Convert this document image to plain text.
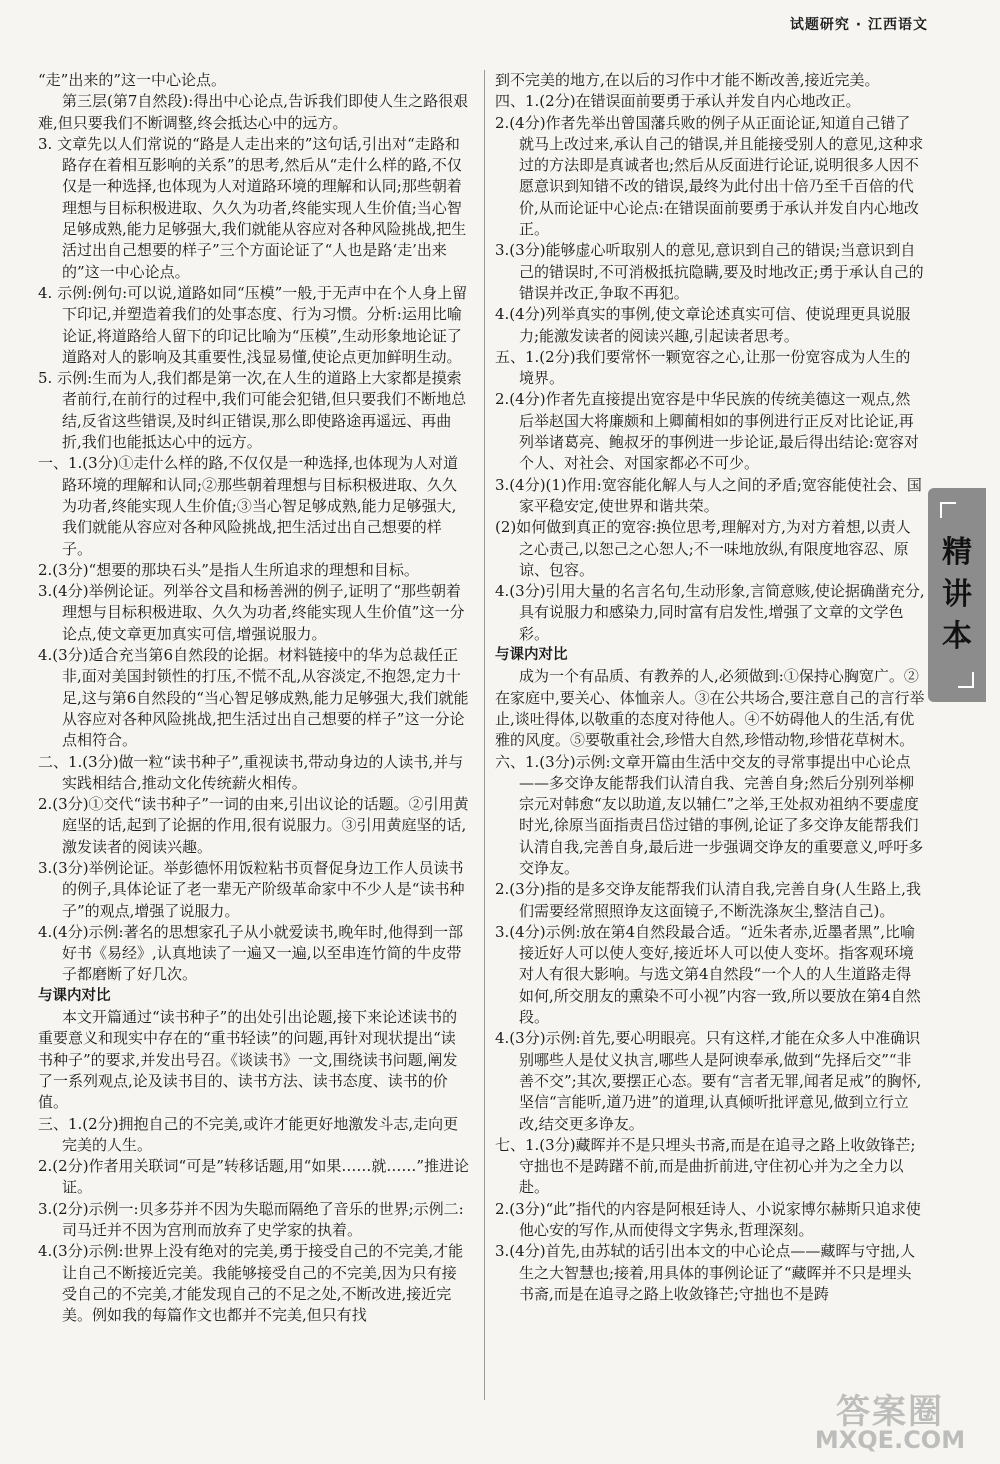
试题研究 · 江西语文

“走”出来的”这一中心论点。

第三层(第7自然段):得出中心论点,告诉我们即使人生之路很艰难,但只要我们不断调整,终会抵达心中的远方。

3. 文章先以人们常说的“路是人走出来的”这句话,引出对“走路和路存在着相互影响的关系”的思考,然后从“走什么样的路,不仅仅是一种选择,也体现为人对道路环境的理解和认同;那些朝着理想与目标积极进取、久久为功者,终能实现人生价值;当心智足够成熟,能力足够强大,我们就能从容应对各种风险挑战,把生活过出自己想要的样子”三个方面论证了“人也是路‘走’出来的”这一中心论点。

4. 示例:例句:可以说,道路如同“压模”一般,于无声中在个人身上留下印记,并塑造着我们的处事态度、行为习惯。分析:运用比喻论证,将道路给人留下的印记比喻为“压模”,生动形象地论证了道路对人的影响及其重要性,浅显易懂,使论点更加鲜明生动。

5. 示例:生而为人,我们都是第一次,在人生的道路上大家都是摸索者前行,在前行的过程中,我们可能会犯错,但只要我们不断地总结,反省这些错误,及时纠正错误,那么即使路途再遥远、再曲折,我们也能抵达心中的远方。

一、1.(3分)①走什么样的路,不仅仅是一种选择,也体现为人对道路环境的理解和认同;②那些朝着理想与目标积极进取、久久为功者,终能实现人生价值;③当心智足够成熟,能力足够强大,我们就能从容应对各种风险挑战,把生活过出自己想要的样子。

2.(3分)“想要的那块石头”是指人生所追求的理想和目标。

3.(4分)举例论证。列举谷文昌和杨善洲的例子,证明了“那些朝着理想与目标积极进取、久久为功者,终能实现人生价值”这一分论点,使文章更加真实可信,增强说服力。

4.(3分)适合充当第6自然段的论据。材料链接中的华为总裁任正非,面对美国封锁性的打压,不慌不乱,从容淡定,不抱怨,定力十足,这与第6自然段的“当心智足够成熟,能力足够强大,我们就能从容应对各种风险挑战,把生活过出自己想要的样子”这一分论点相符合。

二、1.(3分)做一粒“读书种子”,重视读书,带动身边的人读书,并与实践相结合,推动文化传统薪火相传。

2.(3分)①交代“读书种子”一词的由来,引出议论的话题。②引用黄庭坚的话,起到了论据的作用,很有说服力。③引用黄庭坚的话,激发读者的阅读兴趣。

3.(3分)举例论证。举彭德怀用饭粒粘书页督促身边工作人员读书的例子,具体论证了老一辈无产阶级革命家中不少人是“读书种子”的观点,增强了说服力。

4.(4分)示例:著名的思想家孔子从小就爱读书,晚年时,他得到一部好书《易经》,认真地读了一遍又一遍,以至串连竹简的牛皮带子都磨断了好几次。

与课内对比

本文开篇通过“读书种子”的出处引出论题,接下来论述读书的重要意义和现实中存在的“重书轻读”的问题,再针对现状提出“读书种子”的要求,并发出号召。《谈读书》一文,围绕读书问题,阐发了一系列观点,论及读书目的、读书方法、读书态度、读书的价值。

三、1.(2分)拥抱自己的不完美,或许才能更好地激发斗志,走向更完美的人生。

2.(2分)作者用关联词“可是”转移话题,用“如果……就……”推进论证。

3.(2分)示例一:贝多芬并不因为失聪而隔绝了音乐的世界;示例二:司马迁并不因为宫刑而放弃了史学家的执着。

4.(3分)示例:世界上没有绝对的完美,勇于接受自己的不完美,才能让自己不断接近完美。我能够接受自己的不完美,因为只有接受自己的不完美,才能发现自己的不足之处,不断改进,接近完美。例如我的每篇作文也都并不完美,但只有找

到不完美的地方,在以后的习作中才能不断改善,接近完美。

四、1.(2分)在错误面前要勇于承认并发自内心地改正。

2.(4分)作者先举出曾国藩兵败的例子从正面论证,知道自己错了就马上改过来,承认自己的错误,并且能接受别人的意见,这种求过的方法即是真诚者也;然后从反面进行论证,说明很多人因不愿意识到知错不改的错误,最终为此付出十倍乃至千百倍的代价,从而论证中心论点:在错误面前要勇于承认并发自内心地改正。

3.(3分)能够虚心听取别人的意见,意识到自己的错误;当意识到自己的错误时,不可消极抵抗隐瞒,要及时地改正;勇于承认自己的错误并改正,争取不再犯。

4.(4分)列举真实的事例,使文章论述真实可信、使说理更具说服力;能激发读者的阅读兴趣,引起读者思考。

五、1.(2分)我们要常怀一颗宽容之心,让那一份宽容成为人生的境界。

2.(4分)作者先直接提出宽容是中华民族的传统美德这一观点,然后举赵国大将廉颇和上卿蔺相如的事例进行正反对比论证,再列举诸葛亮、鲍叔牙的事例进一步论证,最后得出结论:宽容对个人、对社会、对国家都必不可少。

3.(4分)(1)作用:宽容能化解人与人之间的矛盾;宽容能使社会、国家平稳安定,使世界和谐共荣。

(2)如何做到真正的宽容:换位思考,理解对方,为对方着想,以责人之心责己,以恕己之心恕人;不一味地放纵,有限度地容忍、原谅、包容。

4.(3分)引用大量的名言名句,生动形象,言简意赅,使论据确凿充分,具有说服力和感染力,同时富有启发性,增强了文章的文学色彩。

与课内对比

成为一个有品质、有教养的人,必须做到:①保持心胸宽广。②在家庭中,要关心、体恤亲人。③在公共场合,要注意自己的言行举止,谈吐得体,以敬重的态度对待他人。④不妨碍他人的生活,有优雅的风度。⑤要敬重社会,珍惜大自然,珍惜动物,珍惜花草树木。

六、1.(3分)示例:文章开篇由生活中交友的寻常事提出中心论点——多交诤友能帮我们认清自我、完善自身;然后分别列举柳宗元对韩愈“友以助道,友以辅仁”之举,王处叔劝祖纳不要虚度时光,徐原当面指责吕岱过错的事例,论证了多交诤友能帮我们认清自我,完善自身,最后进一步强调交诤友的重要意义,呼吁多交诤友。

2.(3分)指的是多交诤友能帮我们认清自我,完善自身(人生路上,我们需要经常照照诤友这面镜子,不断洗涤灰尘,整洁自己)。

3.(4分)示例:放在第4自然段最合适。“近朱者赤,近墨者黑”,比喻接近好人可以使人变好,接近坏人可以使人变坏。指客观环境对人有很大影响。与选文第4自然段“一个人的人生道路走得如何,所交朋友的熏染不可小视”内容一致,所以要放在第4自然段。

4.(3分)示例:首先,要心明眼亮。只有这样,才能在众多人中准确识别哪些人是仗义执言,哪些人是阿谀奉承,做到“先择后交”“非善不交”;其次,要摆正心态。要有“言者无罪,闻者足戒”的胸怀,坚信“言能听,道乃进”的道理,认真倾听批评意见,做到立行立改,结交更多诤友。

七、1.(3分)藏晖并不是只埋头书斋,而是在追寻之路上收敛锋芒;守拙也不是踌躇不前,而是曲折前进,守住初心并为之全力以赴。

2.(3分)“此”指代的内容是阿根廷诗人、小说家博尔赫斯只追求使他心安的写作,从而使得文字隽永,哲理深刻。

3.(4分)首先,由苏轼的话引出本文的中心论点——藏晖与守拙,人生之大智慧也;接着,用具体的事例论证了“藏晖并不只是埋头书斋,而是在追寻之路上收敛锋芒;守拙也不是踌

精讲本
答案圈
MXQE.COM
